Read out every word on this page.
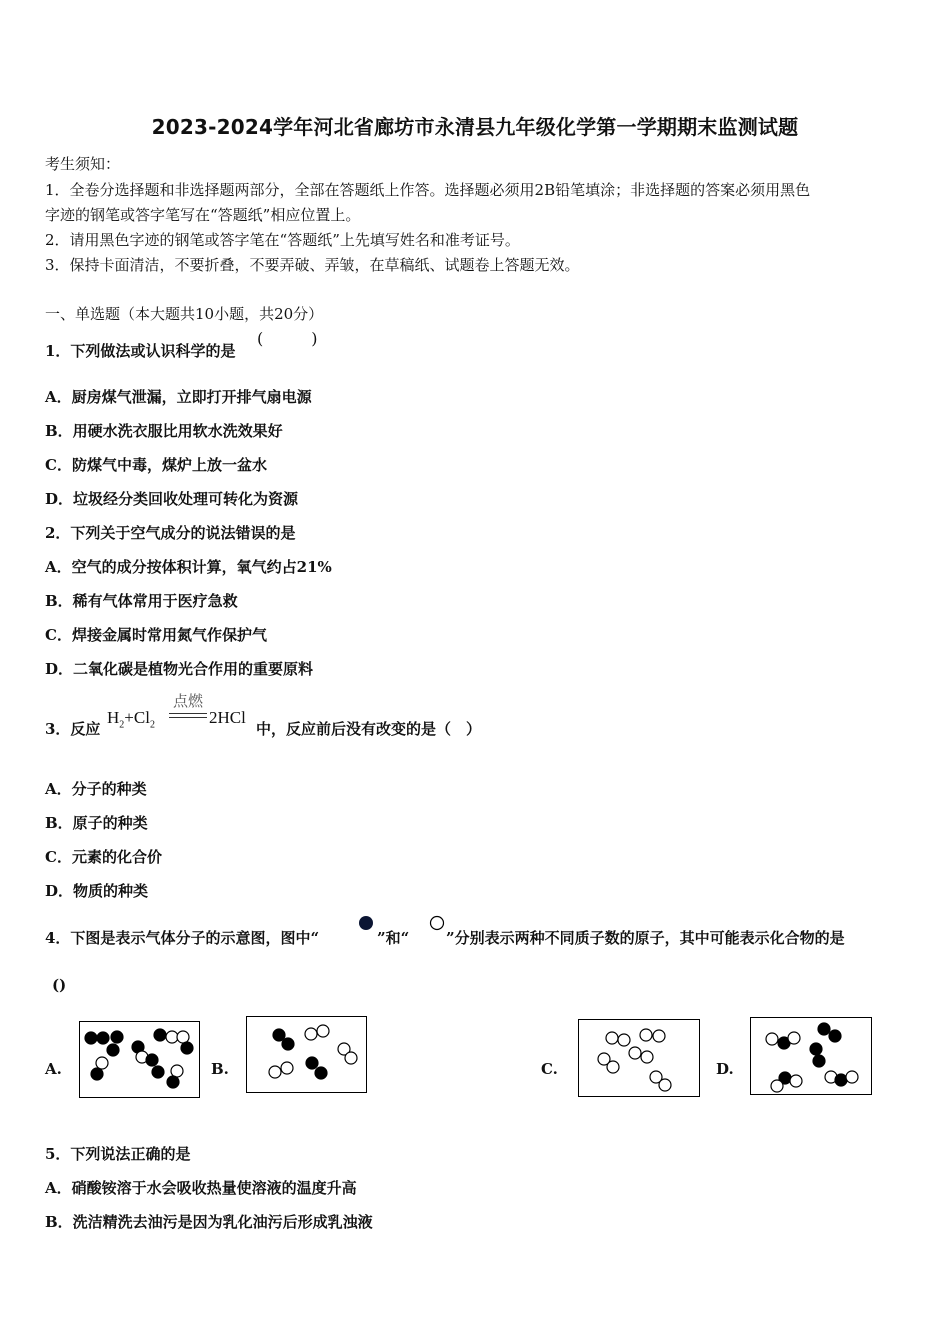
2023-2024学年河北省廊坊市永清县九年级化学第一学期期末监测试题
考生须知：
1．全卷分选择题和非选择题两部分，全部在答题纸上作答。选择题必须用2B铅笔填涂；非选择题的答案必须用黑色
字迹的钢笔或答字笔写在“答题纸”相应位置上。
2．请用黑色字迹的钢笔或答字笔在“答题纸”上先填写姓名和准考证号。
3．保持卡面清洁，不要折叠，不要弄破、弄皱，在草稿纸、试题卷上答题无效。
一、单选题（本大题共10小题，共20分）
1．下列做法或认识科学的是
(　　　)
A．厨房煤气泄漏，立即打开排气扇电源
B．用硬水洗衣服比用软水洗效果好
C．防煤气中毒，煤炉上放一盆水
D．垃圾经分类回收处理可转化为资源
2．下列关于空气成分的说法错误的是
A．空气的成分按体积计算，氧气约占21%
B．稀有气体常用于医疗急救
C．焊接金属时常用氮气作保护气
D．二氧化碳是植物光合作用的重要原料
3．反应
$H_2+Cl_2$
点燃
2HCl
中，反应前后没有改变的是（　）
A．分子的种类
B．原子的种类
C．元素的化合价
D．物质的种类
4．下图是表示气体分子的示意图，图中“	”和“ ”分别表示两种不同质子数的原子，其中可能表示化合物的是
()
A.	B.	C.	D.
5．下列说法正确的是
A．硝酸铵溶于水会吸收热量使溶液的温度升高
B．洗洁精洗去油污是因为乳化油污后形成乳浊液
